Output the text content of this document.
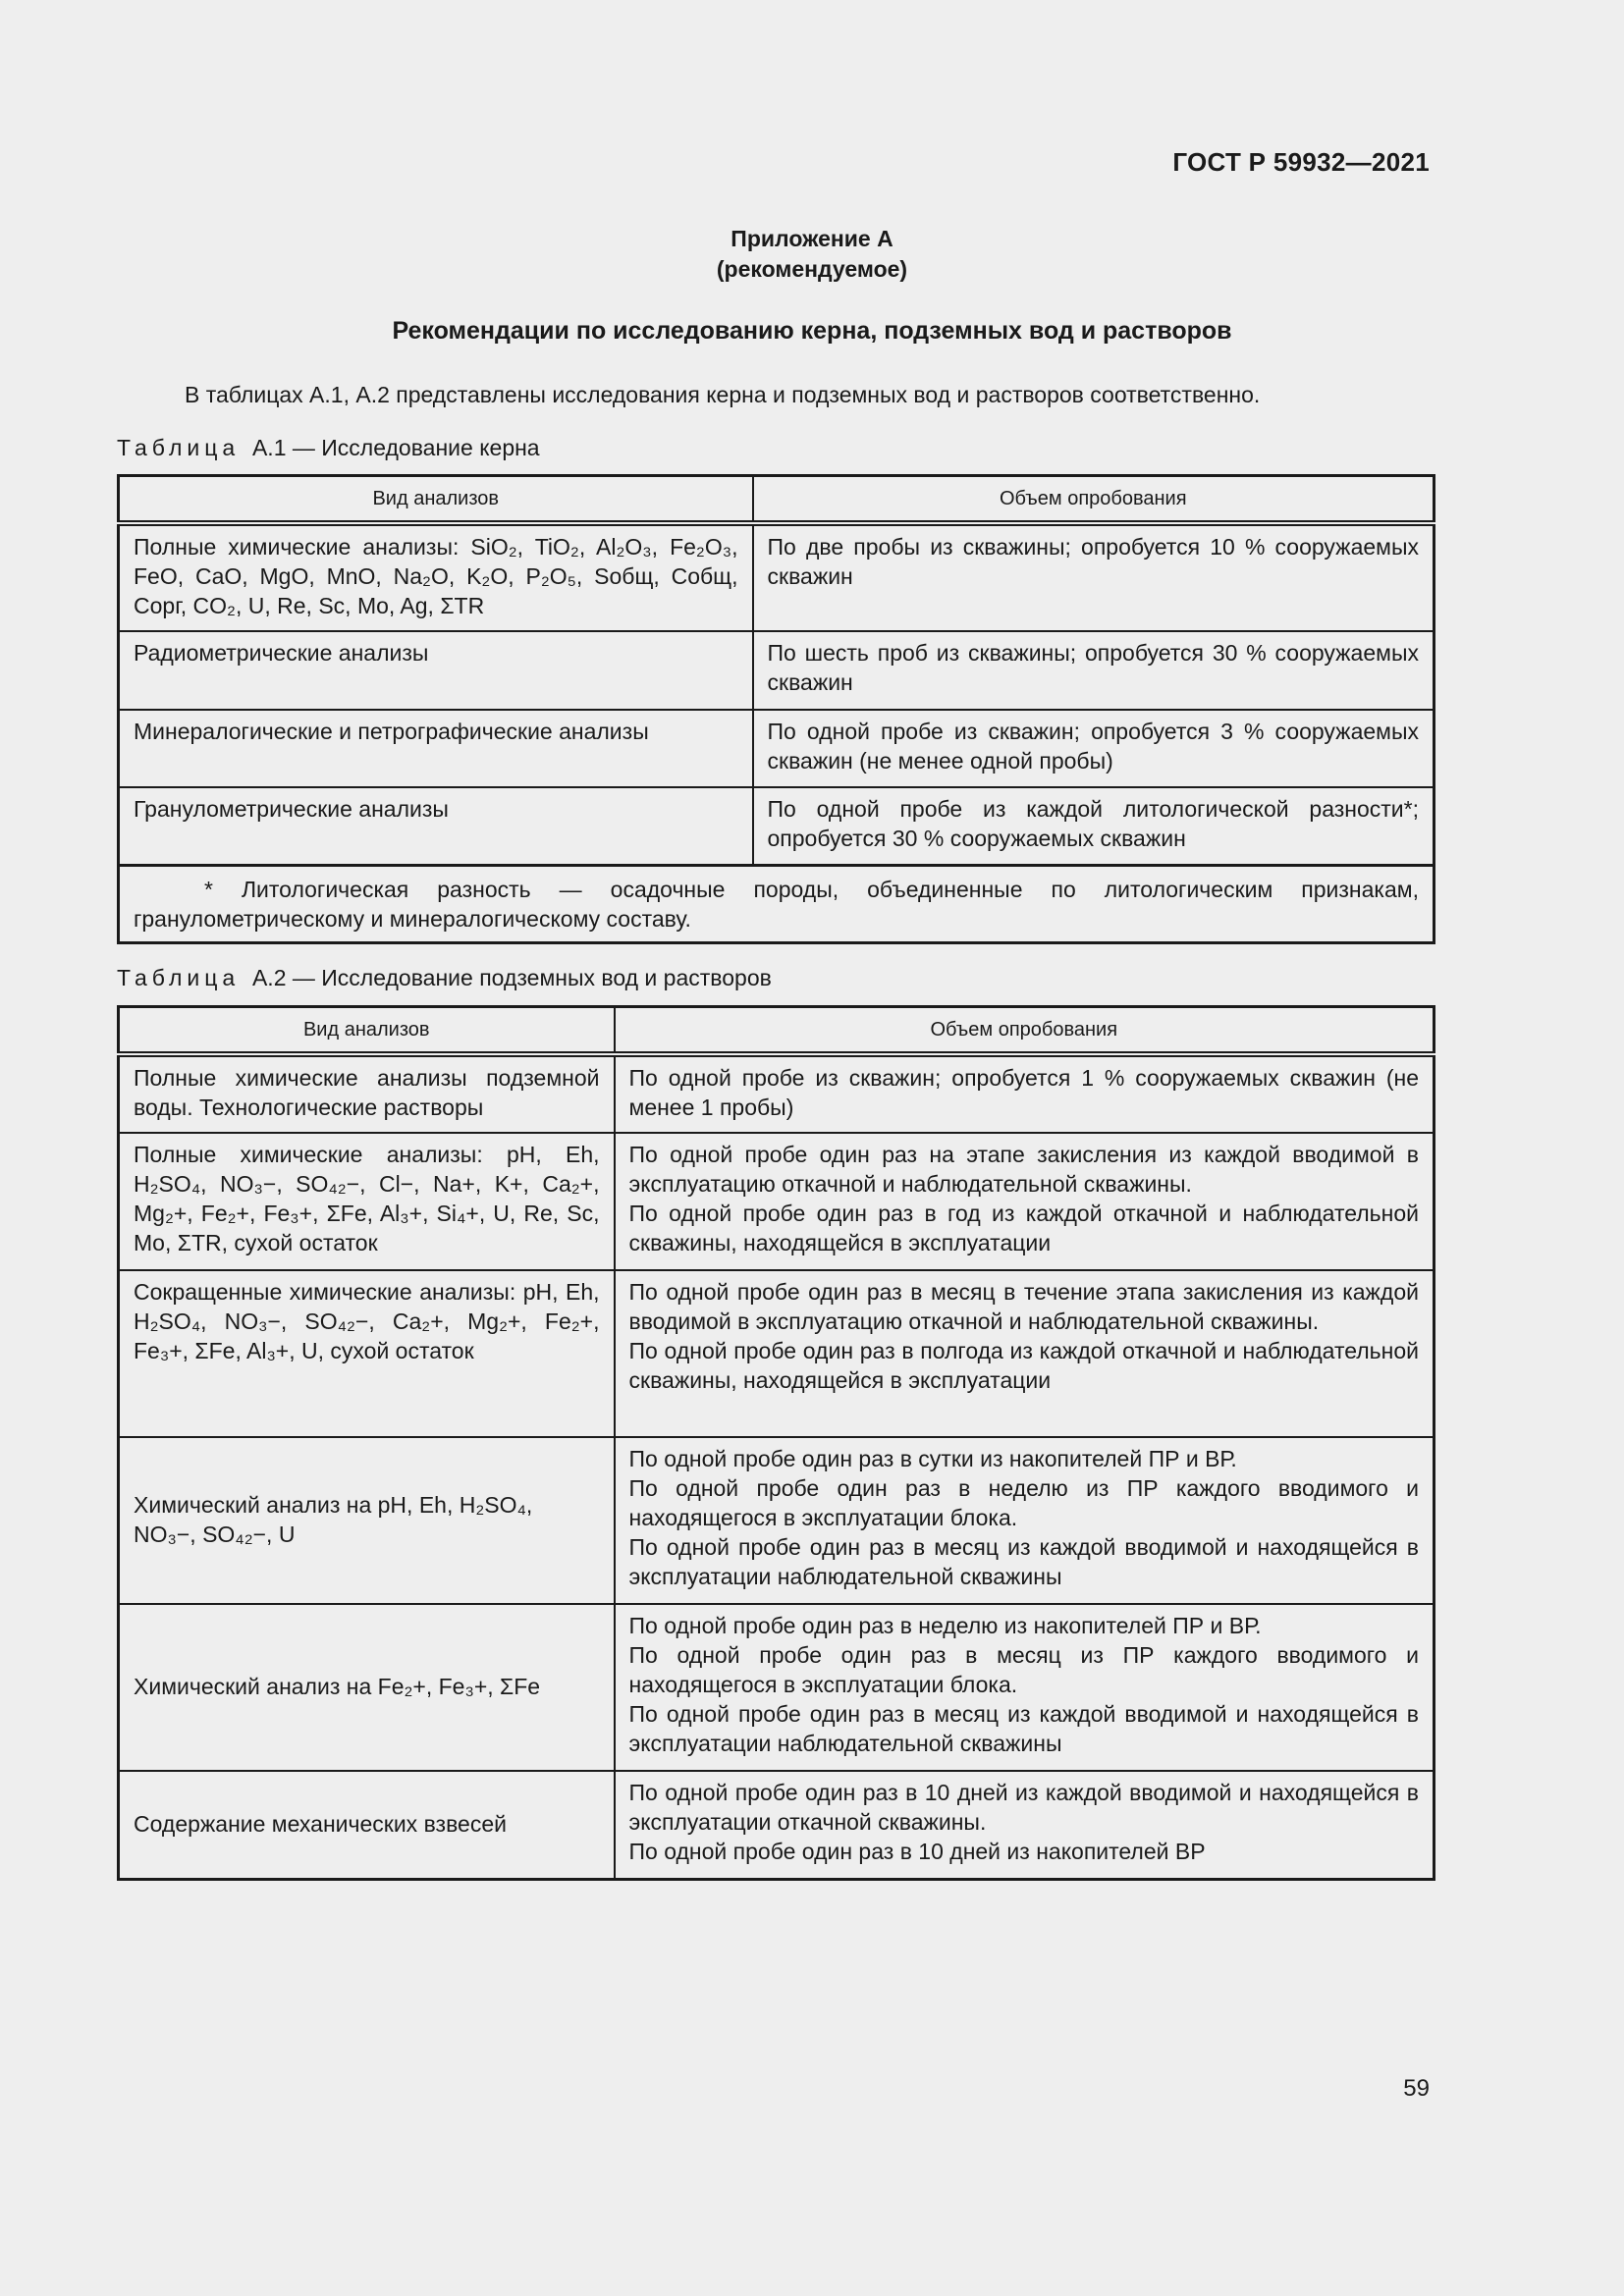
ГОСТ Р 59932—2021
Приложение А
(рекомендуемое)
Рекомендации по исследованию керна, подземных вод и растворов
В таблицах А.1, А.2 представлены исследования керна и подземных вод и растворов соответственно.
Таблица А.1 — Исследование керна
Вид анализов	Объем опробования
Полные химические анализы: SiO₂, TiO₂, Al₂O₃, Fe₂O₃, FeO, CaO, MgO, MnO, Na₂O, K₂O, P₂O₅, Sобщ, Собщ, Сорг, CO₂, U, Re, Sc, Mo, Ag, ΣTR	По две пробы из скважины; опробуется 10 % сооружаемых скважин
Радиометрические анализы	По шесть проб из скважины; опробуется 30 % сооружаемых скважин
Минералогические и петрографические анализы	По одной пробе из скважин; опробуется 3 % сооружаемых скважин (не менее одной пробы)
Гранулометрические анализы	По одной пробе из каждой литологической разности*; опробуется 30 % сооружаемых скважин
* Литологическая разность — осадочные породы, объединенные по литологическим признакам, гранулометрическому и минералогическому составу.	
Таблица А.2 — Исследование подземных вод и растворов
Вид анализов	Объем опробования
Полные химические анализы подземной воды. Технологические растворы	По одной пробе из скважин; опробуется 1 % сооружаемых скважин (не менее 1 пробы)

Полные химические анализы: pH, Eh, H₂SO₄, NO₃−, SO₄₂−, Cl−, Na+, K+, Ca₂+, Mg₂+, Fe₂+, Fe₃+, ΣFe, Al₃+, Si₄+, U, Re, Sc, Mo, ΣTR, сухой остаток	По одной пробе один раз на этапе закисления из каждой вводимой в эксплуатацию откачной и наблюдательной скважины.
По одной пробе один раз в год из каждой откачной и наблюдательной скважины, находящейся в эксплуатации

Сокращенные химические анализы: pH, Eh, H₂SO₄, NO₃−, SO₄₂−, Ca₂+, Mg₂+, Fe₂+, Fe₃+, ΣFe, Al₃+, U, сухой остаток	По одной пробе один раз в месяц в течение этапа закисления из каждой вводимой в эксплуатацию откачной и наблюдательной скважины.
По одной пробе один раз в полгода из каждой откачной и наблюдательной скважины, находящейся в эксплуатации

Химический анализ на pH, Eh, H₂SO₄, NO₃−, SO₄₂−, U	По одной пробе один раз в сутки из накопителей ПР и ВР.
По одной пробе один раз в неделю из ПР каждого вводимого и находящегося в эксплуатации блока.
По одной пробе один раз в месяц из каждой вводимой и находящейся в эксплуатации наблюдательной скважины

Химический анализ на Fe₂+, Fe₃+, ΣFe	По одной пробе один раз в неделю из накопителей ПР и ВР.
По одной пробе один раз в месяц из ПР каждого вводимого и находящегося в эксплуатации блока.
По одной пробе один раз в месяц из каждой вводимой и находящейся в эксплуатации наблюдательной скважины

Содержание механических взвесей	По одной пробе один раз в 10 дней из каждой вводимой и находящейся в эксплуатации откачной скважины.
По одной пробе один раз в 10 дней из накопителей ВР
59
